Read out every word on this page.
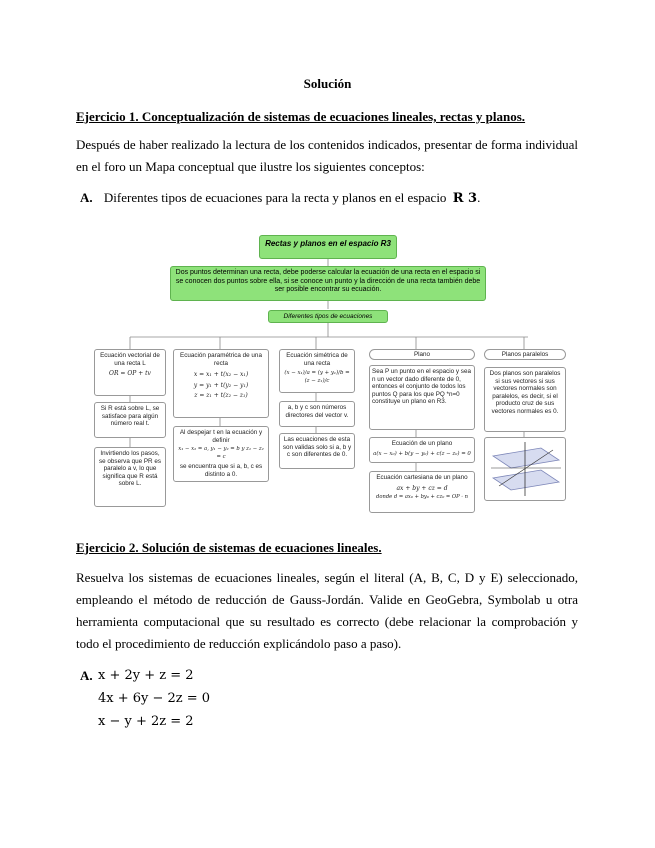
Solución
Ejercicio 1. Conceptualización de sistemas de ecuaciones lineales, rectas y planos.
Después de haber realizado la lectura de los contenidos indicados, presentar de forma individual en el foro un Mapa conceptual que ilustre los siguientes conceptos:
A. Diferentes tipos de ecuaciones para la recta y planos en el espacio R 3.
Rectas y planos en el espacio R3
Dos puntos determinan una recta, debe poderse calcular la ecuación de una recta en el espacio si se conocen dos puntos sobre ella, si se conoce un punto y la dirección de una recta también debe ser posible encontrar su ecuación.
Diferentes tipos de ecuaciones
Ecuación vectorial de una recta L
OR = OP + tv
Si R está sobre L, se satisface para algún número real t.
Invirtiendo los pasos, se observa que PR es paralelo a v, lo que significa que R está sobre L.
Ecuación paramétrica de una recta
x = x₁ + t(x₂ − x₁)
y = y₁ + t(y₂ − y₁)
z = z₁ + t(z₂ − z₁)
Al despejar t en la ecuación y definir
x₁ − x₂ = a, y₁ − y₂ = b y z₁ − z₂ = c
se encuentra que si a, b, c es distinto a 0.
Ecuación simétrica de una recta
(x − x₁)/a = (y + y₁)/b = (z − z₁)/c
a, b y c son números directores del vector v.
Las ecuaciones de esta son validas solo si a, b y c son diferentes de 0.
Plano
Sea P un punto en el espacio y sea n un vector dado diferente de 0, entonces el conjunto de todos los puntos Q para los que PQ *n=0 constituye un plano en R3.
Ecuación de un plano
a(x − x₀) + b(y − y₀) + c(z − z₀) = 0
Ecuación cartesiana de un plano
ax + by + cz = d
donde d = ax₀ + by₀ + cz₀ = OP · n
Planos paralelos
Dos planos son paralelos si sus vectores si sus vectores normales son paralelos, es decir, si el producto cruz de sus vectores normales es 0.
Ejercicio 2. Solución de sistemas de ecuaciones lineales.
Resuelva los sistemas de ecuaciones lineales, según el literal (A, B, C, D y E) seleccionado, empleando el método de reducción de Gauss-Jordán. Valide en GeoGebra, Symbolab u otra herramienta computacional que su resultado es correcto (debe relacionar la comprobación y todo el procedimiento de reducción explicándolo paso a paso).
A. x + 2y + z = 2
4x + 6y − 2z = 0
x − y + 2z = 2
